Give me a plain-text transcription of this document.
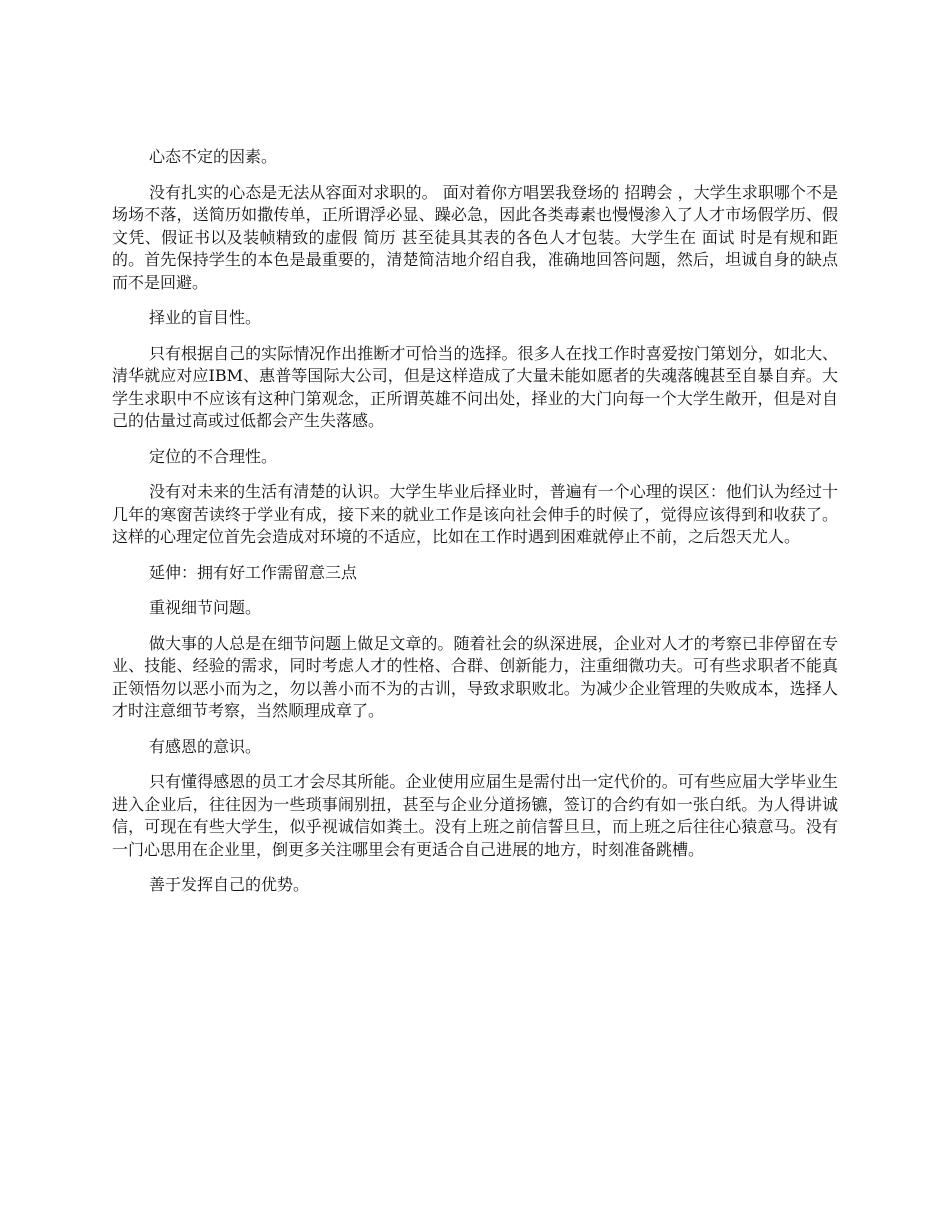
心态不定的因素。

没有扎实的心态是无法从容面对求职的。 面对着你方唱罢我登场的 招聘会 ，大学生求职哪个不是场场不落，送简历如撒传单，正所谓浮必显、躁必急，因此各类毒素也慢慢渗入了人才市场假学历、假文凭、假证书以及装帧精致的虚假 简历 甚至徒具其表的各色人才包装。大学生在 面试 时是有规和距的。首先保持学生的本色是最重要的，清楚简洁地介绍自我，准确地回答问题，然后，坦诚自身的缺点而不是回避。

择业的盲目性。

只有根据自己的实际情况作出推断才可恰当的选择。很多人在找工作时喜爱按门第划分，如北大、清华就应对应IBM、惠普等国际大公司，但是这样造成了大量未能如愿者的失魂落魄甚至自暴自弃。大学生求职中不应该有这种门第观念，正所谓英雄不问出处，择业的大门向每一个大学生敞开，但是对自己的估量过高或过低都会产生失落感。

定位的不合理性。

没有对未来的生活有清楚的认识。大学生毕业后择业时，普遍有一个心理的误区：他们认为经过十几年的寒窗苦读终于学业有成，接下来的就业工作是该向社会伸手的时候了，觉得应该得到和收获了。这样的心理定位首先会造成对环境的不适应，比如在工作时遇到困难就停止不前，之后怨天尤人。

延伸：拥有好工作需留意三点

重视细节问题。

做大事的人总是在细节问题上做足文章的。随着社会的纵深进展，企业对人才的考察已非停留在专业、技能、经验的需求，同时考虑人才的性格、合群、创新能力，注重细微功夫。可有些求职者不能真正领悟勿以恶小而为之，勿以善小而不为的古训，导致求职败北。为减少企业管理的失败成本，选择人才时注意细节考察，当然顺理成章了。

有感恩的意识。

只有懂得感恩的员工才会尽其所能。企业使用应届生是需付出一定代价的。可有些应届大学毕业生进入企业后，往往因为一些琐事闹别扭，甚至与企业分道扬镳，签订的合约有如一张白纸。为人得讲诚信，可现在有些大学生，似乎视诚信如粪土。没有上班之前信誓旦旦，而上班之后往往心猿意马。没有一门心思用在企业里，倒更多关注哪里会有更适合自己进展的地方，时刻准备跳槽。

善于发挥自己的优势。
